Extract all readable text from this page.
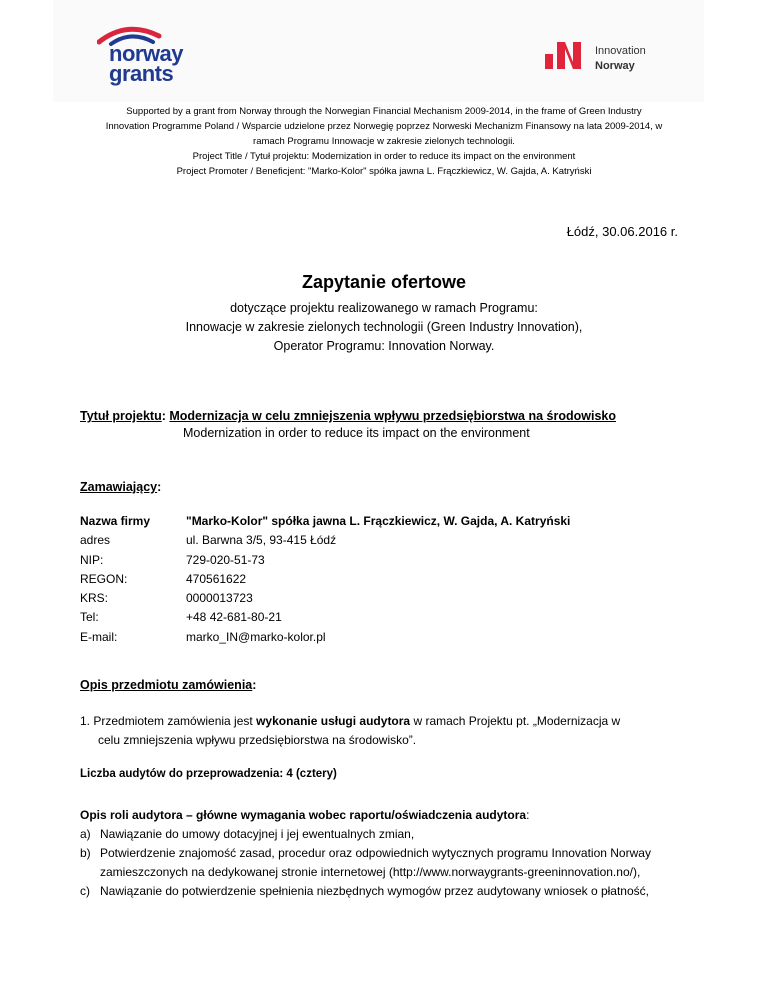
norway
grants
Innovation
Norway
Supported by a grant from Norway through the Norwegian Financial Mechanism 2009-2014, in the frame of Green Industry
Innovation Programme Poland / Wsparcie udzielone przez Norwegię poprzez Norweski Mechanizm Finansowy na lata 2009-2014, w
ramach Programu Innowacje w zakresie zielonych technologii.
Project Title / Tytuł projektu: Modernization in order to reduce its impact on the environment
Project Promoter / Beneficjent: "Marko-Kolor" spółka jawna L. Frączkiewicz, W. Gajda, A. Katryński
Łódź, 30.06.2016 r.
Zapytanie ofertowe
dotyczące projektu realizowanego w ramach Programu:
Innowacje w zakresie zielonych technologii (Green Industry Innovation),
Operator Programu: Innovation Norway.
Tytuł projektu: Modernizacja w celu zmniejszenia wpływu przedsiębiorstwa na środowisko
Modernization in order to reduce its impact on the environment
Zamawiający:
Nazwa firmy
adres
NIP:
REGON:
KRS:
Tel:
E-mail:
"Marko-Kolor" spółka jawna L. Frączkiewicz, W. Gajda, A. Katryński
ul. Barwna 3/5, 93-415 Łódź
729-020-51-73
470561622
0000013723
+48 42-681-80-21
marko_IN@marko-kolor.pl
Opis przedmiotu zamówienia:
1. Przedmiotem zamówienia jest wykonanie usługi audytora w ramach Projektu pt. „Modernizacja w
celu zmniejszenia wpływu przedsiębiorstwa na środowisko”.
Liczba audytów do przeprowadzenia: 4 (cztery)
Opis roli audytora – główne wymagania wobec raportu/oświadczenia audytora:
a) Nawiązanie do umowy dotacyjnej i jej ewentualnych zmian,
b) Potwierdzenie znajomość zasad, procedur oraz odpowiednich wytycznych programu Innovation Norway zamieszczonych na dedykowanej stronie internetowej (http://www.norwaygrants-greeninnovation.no/),
c) Nawiązanie do potwierdzenie spełnienia niezbędnych wymogów przez audytowany wniosek o płatność,
